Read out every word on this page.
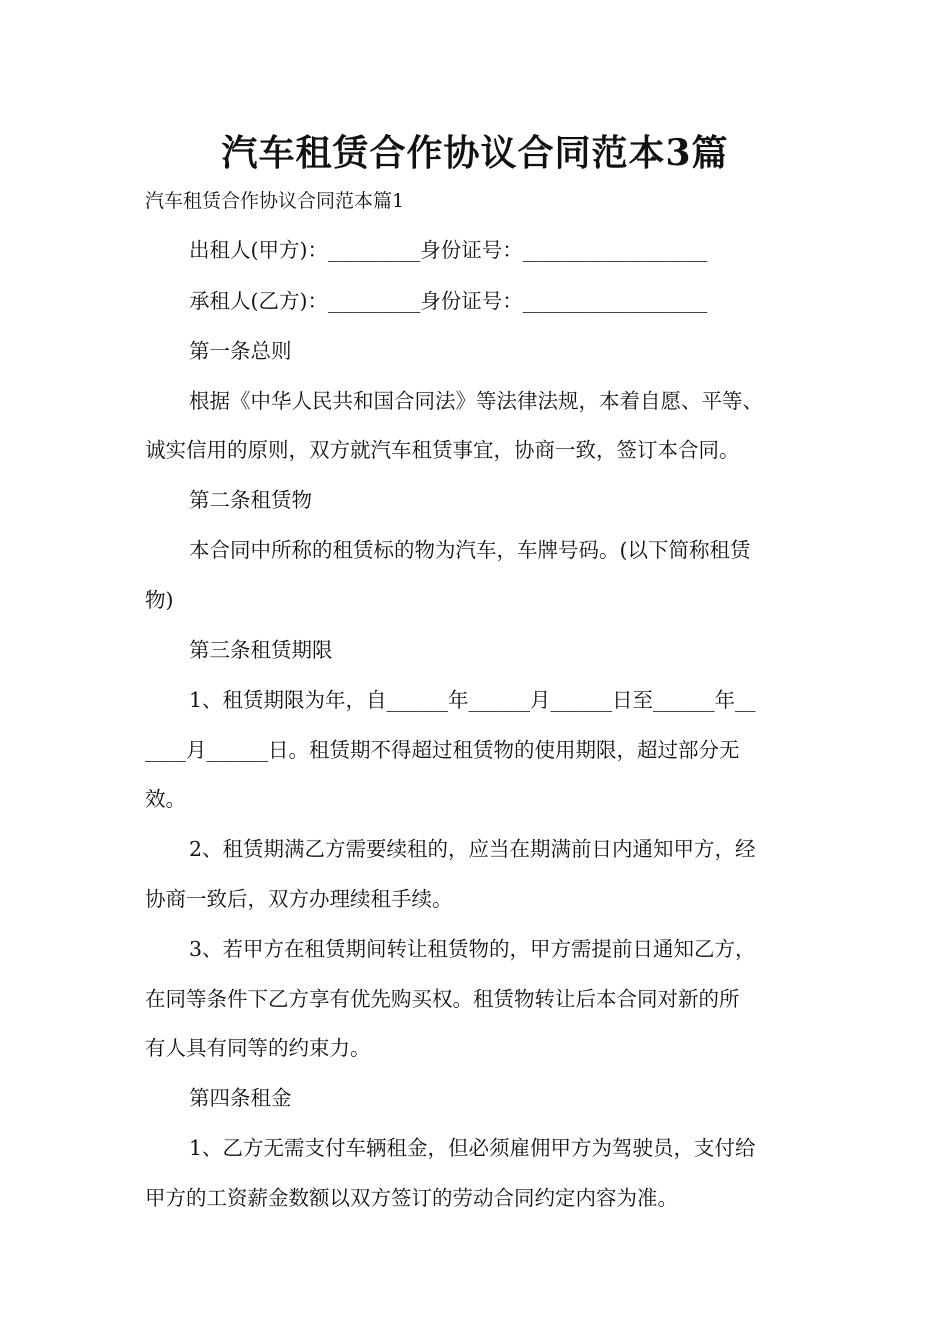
汽车租赁合作协议合同范本3篇
汽车租赁合作协议合同范本篇1
出租人(甲方)：_________身份证号：__________________
承租人(乙方)：_________身份证号：__________________
第一条总则
根据《中华人民共和国合同法》等法律法规，本着自愿、平等、
诚实信用的原则，双方就汽车租赁事宜，协商一致，签订本合同。
第二条租赁物
本合同中所称的租赁标的物为汽车，车牌号码。(以下简称租赁
物)
第三条租赁期限
1、租赁期限为年，自______年______月______日至______年__
____月______日。租赁期不得超过租赁物的使用期限，超过部分无
效。
2、租赁期满乙方需要续租的，应当在期满前日内通知甲方，经
协商一致后，双方办理续租手续。
3、若甲方在租赁期间转让租赁物的，甲方需提前日通知乙方，
在同等条件下乙方享有优先购买权。租赁物转让后本合同对新的所
有人具有同等的约束力。
第四条租金
1、乙方无需支付车辆租金，但必须雇佣甲方为驾驶员，支付给
甲方的工资薪金数额以双方签订的劳动合同约定内容为准。
